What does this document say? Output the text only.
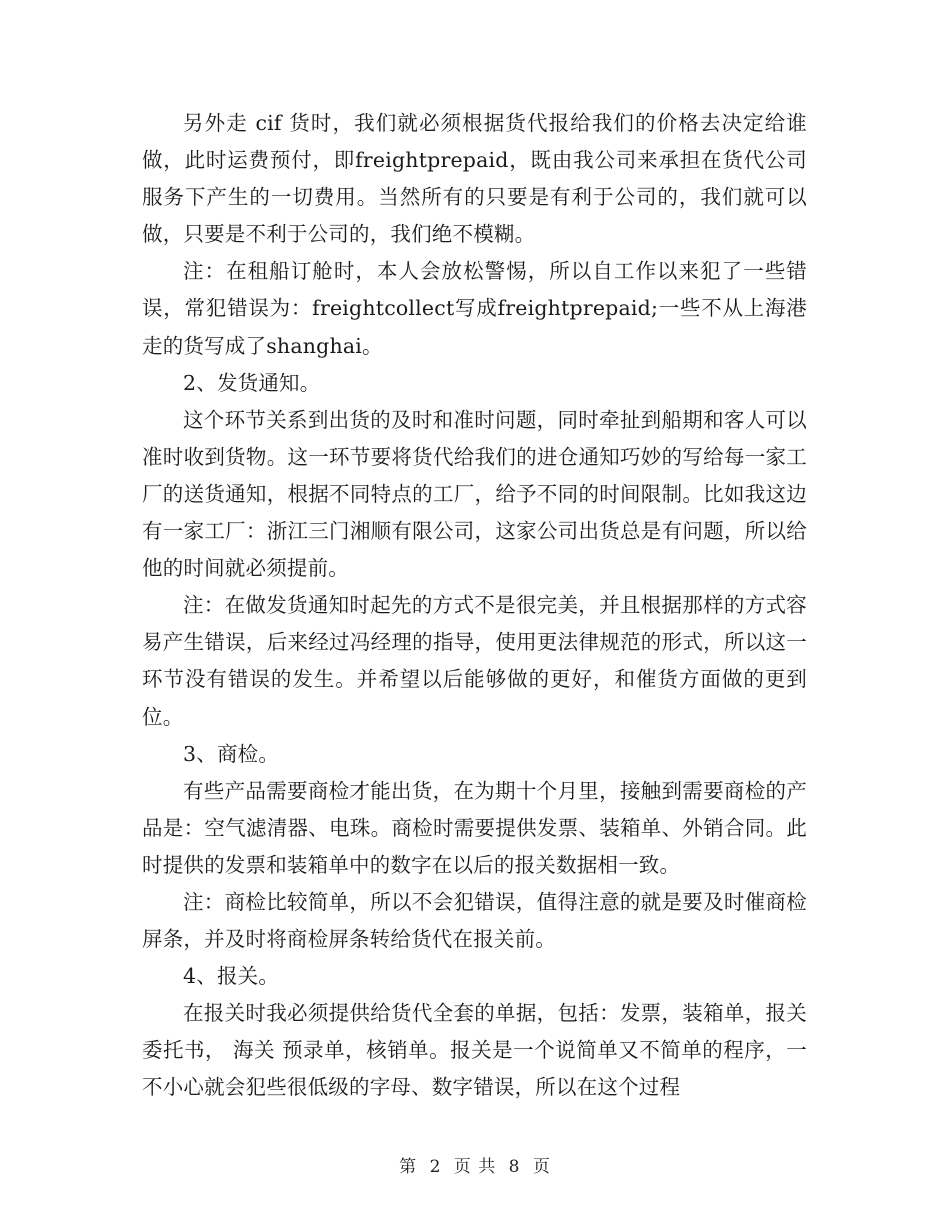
另外走 cif 货时，我们就必须根据货代报给我们的价格去决定给谁做，此时运费预付，即freightprepaid，既由我公司来承担在货代公司服务下产生的一切费用。当然所有的只要是有利于公司的，我们就可以做，只要是不利于公司的，我们绝不模糊。

注：在租船订舱时，本人会放松警惕，所以自工作以来犯了一些错误，常犯错误为：freightcollect写成freightprepaid;一些不从上海港走的货写成了shanghai。

2、发货通知。

这个环节关系到出货的及时和准时问题，同时牵扯到船期和客人可以准时收到货物。这一环节要将货代给我们的进仓通知巧妙的写给每一家工厂的送货通知，根据不同特点的工厂，给予不同的时间限制。比如我这边有一家工厂：浙江三门湘顺有限公司，这家公司出货总是有问题，所以给他的时间就必须提前。

注：在做发货通知时起先的方式不是很完美，并且根据那样的方式容易产生错误，后来经过冯经理的指导，使用更法律规范的形式，所以这一环节没有错误的发生。并希望以后能够做的更好，和催货方面做的更到位。

3、商检。

有些产品需要商检才能出货，在为期十个月里，接触到需要商检的产品是：空气滤清器、电珠。商检时需要提供发票、装箱单、外销合同。此时提供的发票和装箱单中的数字在以后的报关数据相一致。

注：商检比较简单，所以不会犯错误，值得注意的就是要及时催商检屏条，并及时将商检屏条转给货代在报关前。

4、报关。

在报关时我必须提供给货代全套的单据，包括：发票，装箱单，报关委托书， 海关 预录单，核销单。报关是一个说简单又不简单的程序，一不小心就会犯些很低级的字母、数字错误，所以在这个过程

第 2 页 共 8 页
